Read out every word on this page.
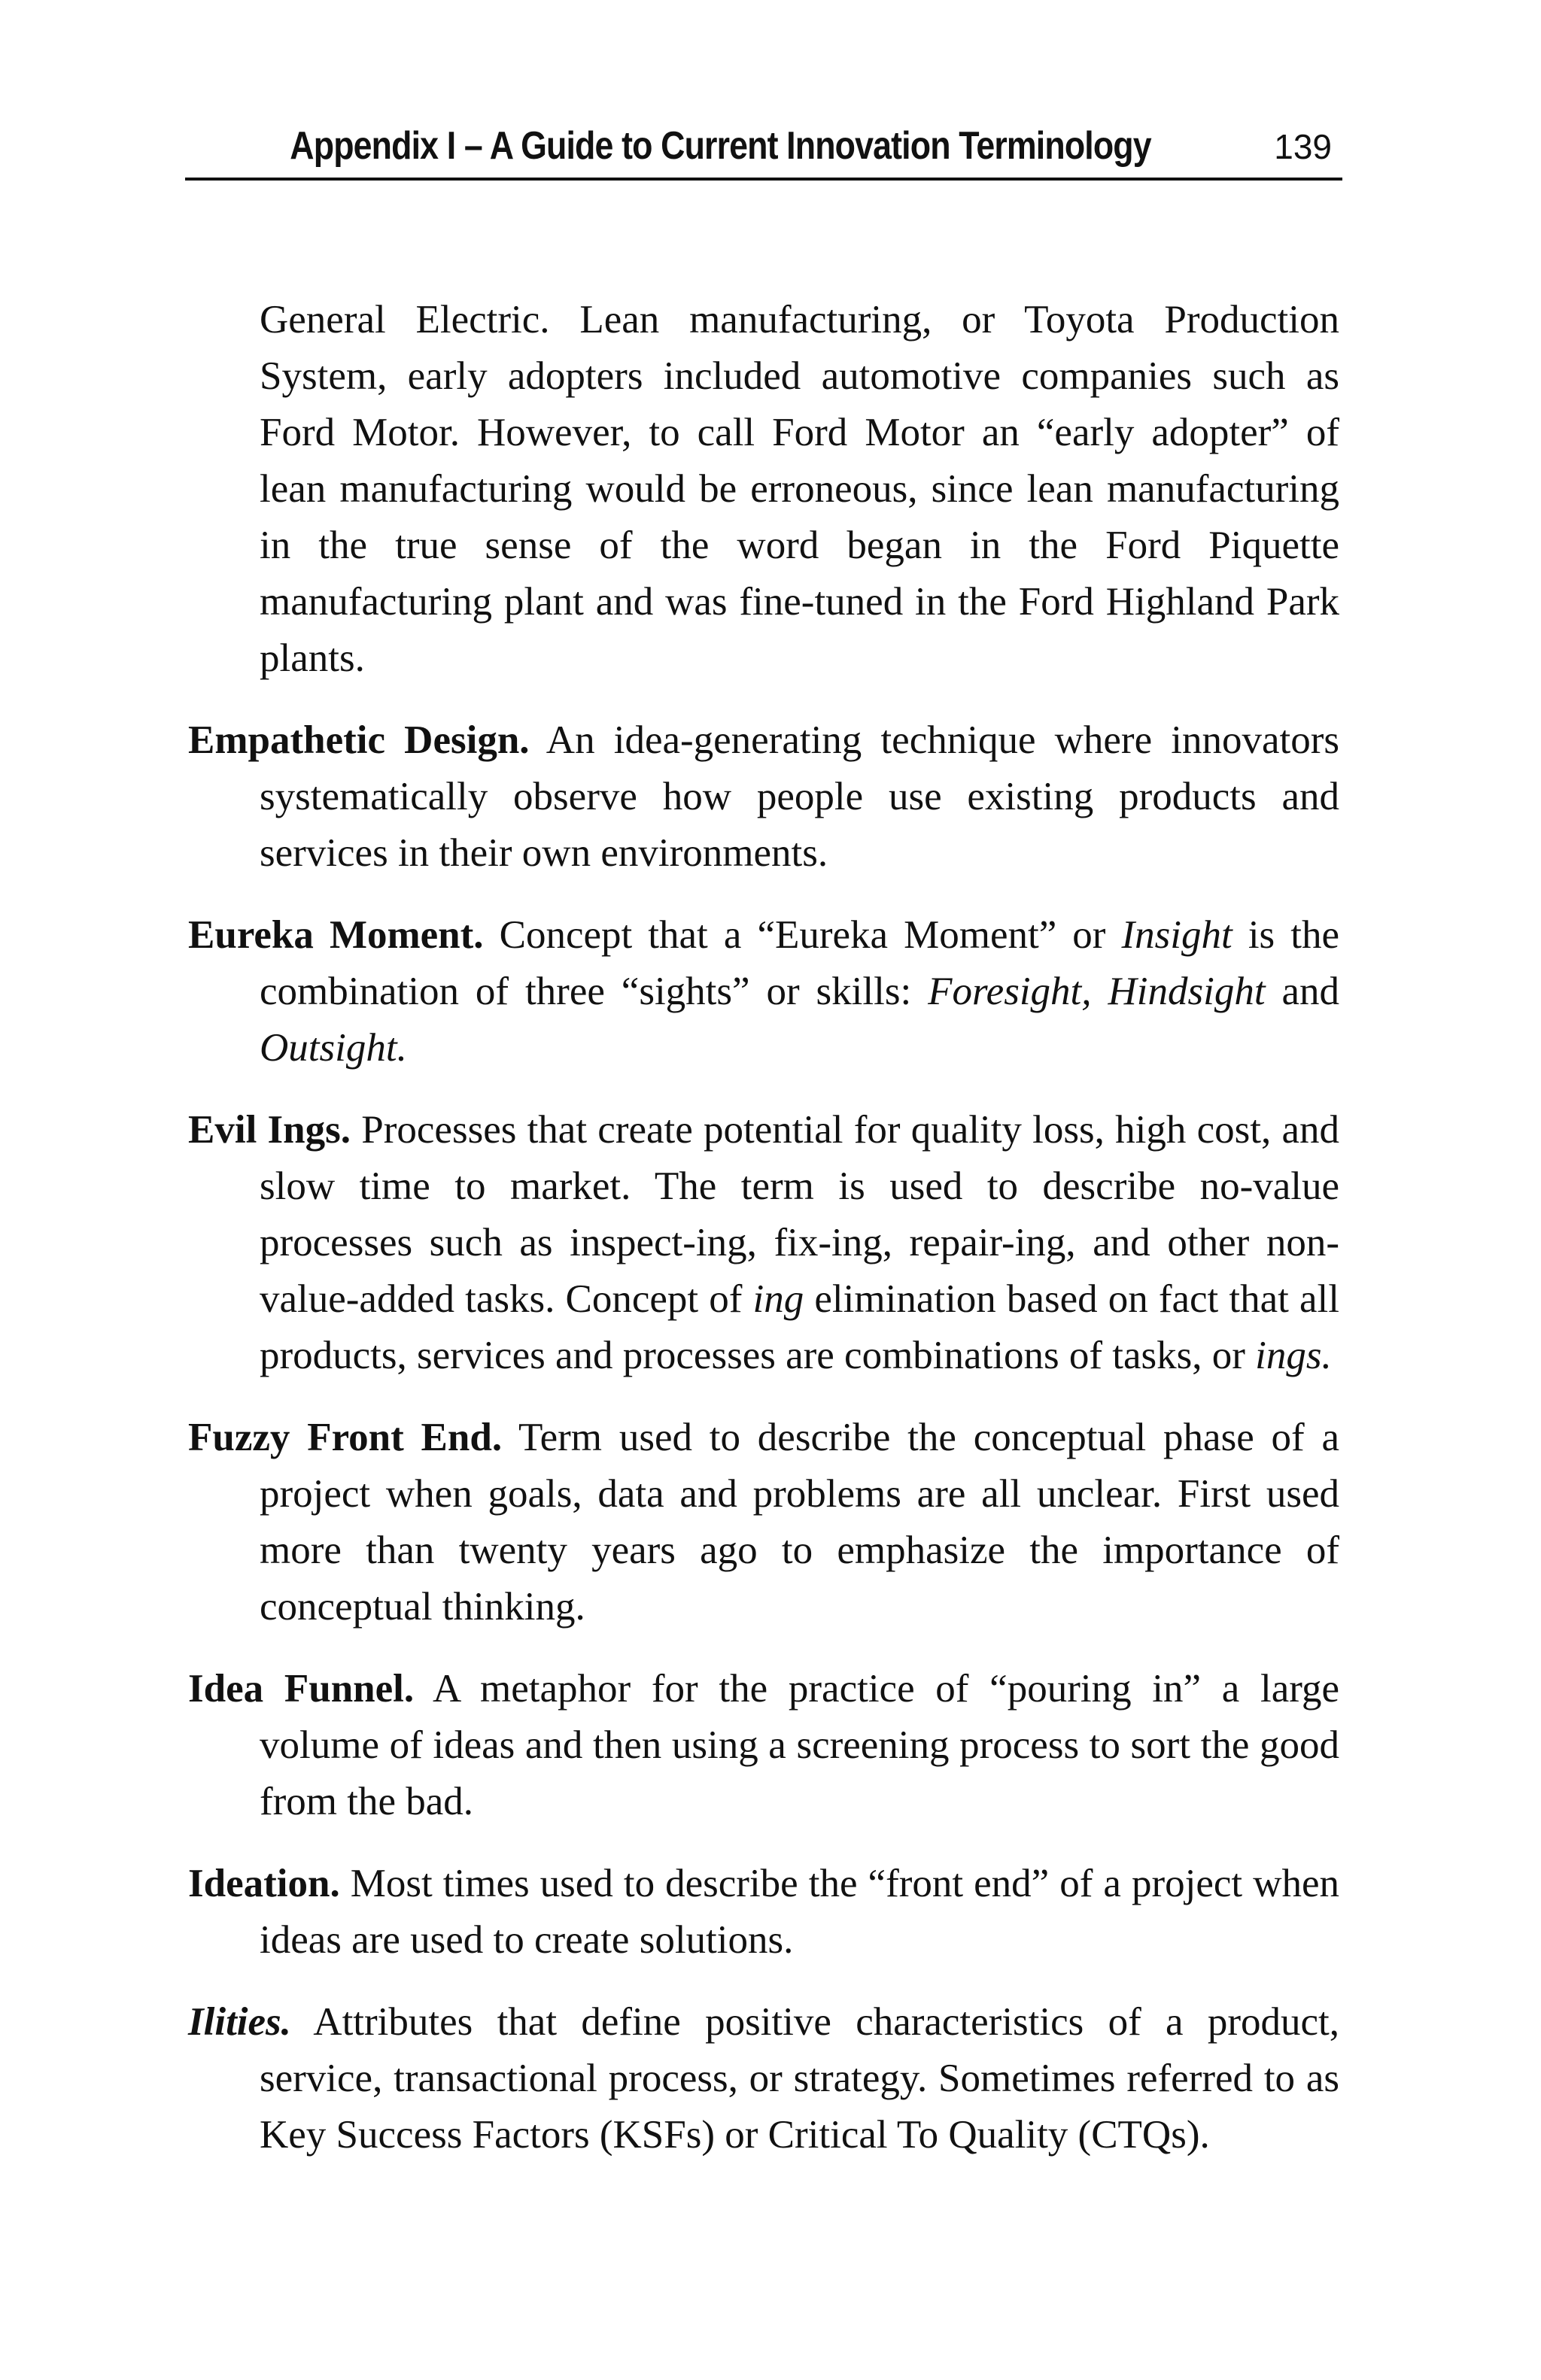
Appendix I – A Guide to Current Innovation Terminology	139

General Electric. Lean manufacturing, or Toyota Production System, early adopters included automotive companies such as Ford Motor. However, to call Ford Motor an “early adopter” of lean manufacturing would be erroneous, since lean manufacturing in the true sense of the word began in the Ford Piquette manufacturing plant and was fine-tuned in the Ford Highland Park plants.

Empathetic Design. An idea-generating technique where innovators systematically observe how people use existing products and services in their own environments.

Eureka Moment. Concept that a “Eureka Moment” or Insight is the combination of three “sights” or skills: Foresight, Hindsight and Outsight.

Evil Ings. Processes that create potential for quality loss, high cost, and slow time to market. The term is used to describe no-value processes such as inspect-ing, fix-ing, repair-ing, and other non-value-added tasks. Concept of ing elimination based on fact that all products, services and processes are combinations of tasks, or ings.

Fuzzy Front End. Term used to describe the conceptual phase of a project when goals, data and problems are all unclear. First used more than twenty years ago to emphasize the importance of conceptual thinking.

Idea Funnel. A metaphor for the practice of “pouring in” a large volume of ideas and then using a screening process to sort the good from the bad.

Ideation. Most times used to describe the “front end” of a project when ideas are used to create solutions.

Ilities. Attributes that define positive characteristics of a product, service, transactional process, or strategy. Sometimes referred to as Key Success Factors (KSFs) or Critical To Quality (CTQs).
